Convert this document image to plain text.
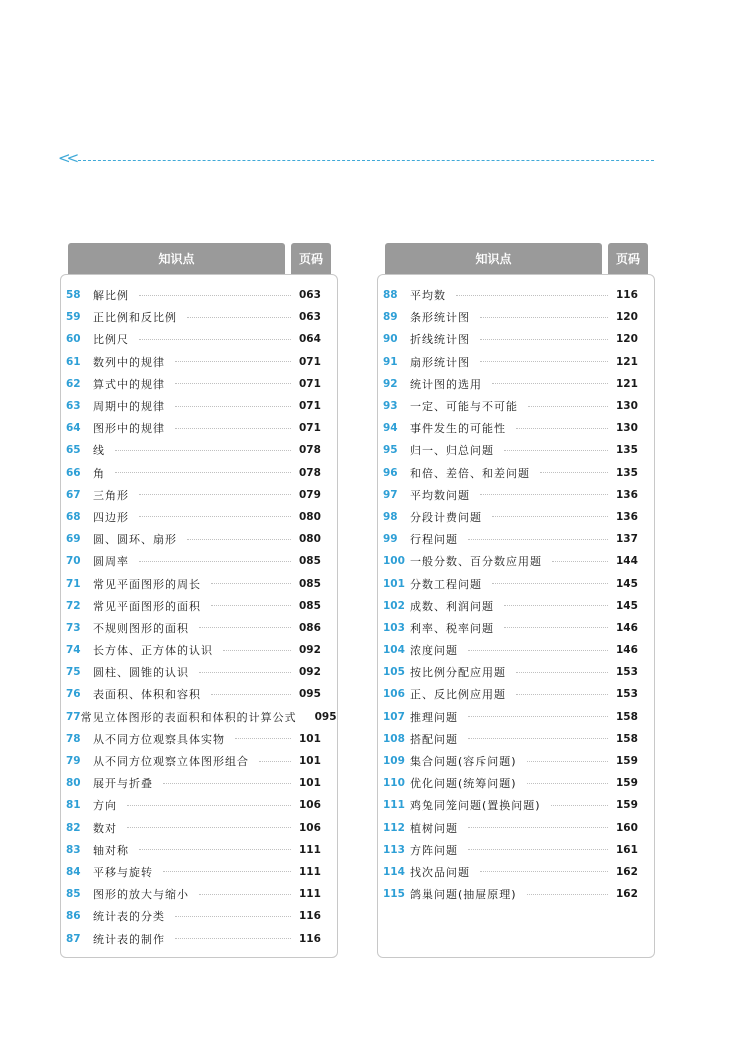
<<
知识点	页码
58	解比例	063
59	正比例和反比例	063
60	比例尺	064
61	数列中的规律	071
62	算式中的规律	071
63	周期中的规律	071
64	图形中的规律	071
65	线	078
66	角	078
67	三角形	079
68	四边形	080
69	圆、圆环、扇形	080
70	圆周率	085
71	常见平面图形的周长	085
72	常见平面图形的面积	085
73	不规则图形的面积	086
74	长方体、正方体的认识	092
75	圆柱、圆锥的认识	092
76	表面积、体积和容积	095
77 常见立体图形的表面积和体积的计算公式 095
78	从不同方位观察具体实物	101
79	从不同方位观察立体图形组合	101
80	展开与折叠	101
81	方向	106
82	数对	106
83	轴对称	111
84	平移与旋转	111
85	图形的放大与缩小	111
86	统计表的分类	116
87	统计表的制作	116
知识点	页码
88	平均数	116
89	条形统计图	120
90	折线统计图	120
91	扇形统计图	121
92	统计图的选用	121
93	一定、可能与不可能	130
94	事件发生的可能性	130
95	归一、归总问题	135
96	和倍、差倍、和差问题	135
97	平均数问题	136
98	分段计费问题	136
99	行程问题	137
100 一般分数、百分数应用题	144
101 分数工程问题	145
102 成数、利润问题	145
103 利率、税率问题	146
104 浓度问题	146
105 按比例分配应用题	153
106 正、反比例应用题	153
107 推理问题	158
108 搭配问题	158
109 集合问题(容斥问题)	159
110 优化问题(统筹问题)	159
111 鸡兔同笼问题(置换问题)	159
112 植树问题	160
113 方阵问题	161
114 找次品问题	162
115 鸽巢问题(抽屉原理)	162
